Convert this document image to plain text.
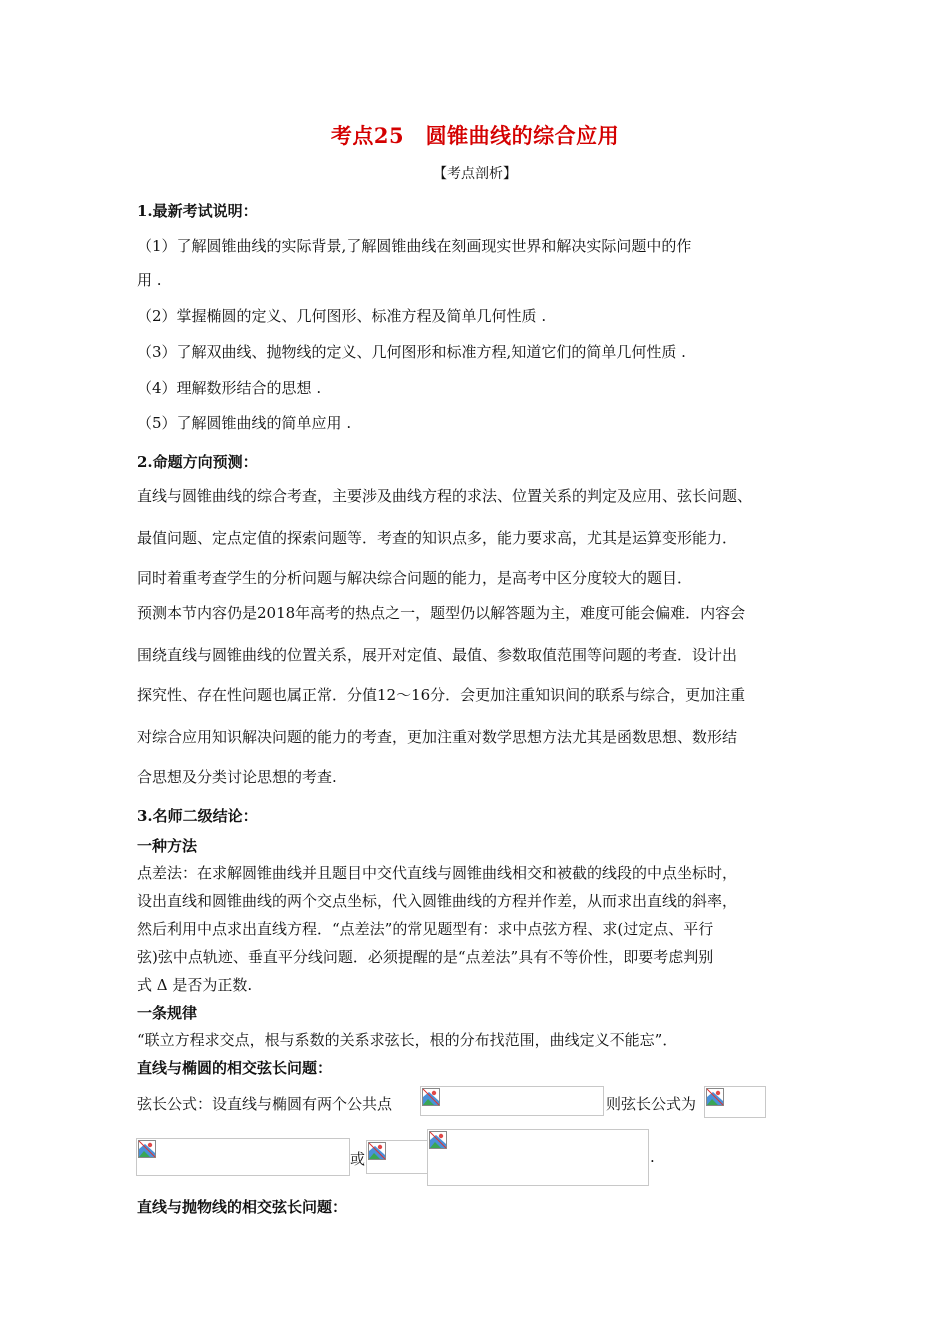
考点25　圆锥曲线的综合应用
【考点剖析】
1.最新考试说明：
（1）了解圆锥曲线的实际背景,了解圆锥曲线在刻画现实世界和解决实际问题中的作
用 .
（2）掌握椭圆的定义、几何图形、标准方程及简单几何性质 .
（3）了解双曲线、抛物线的定义、几何图形和标准方程,知道它们的简单几何性质 .
（4）理解数形结合的思想 .
（5）了解圆锥曲线的简单应用 .
2.命题方向预测：
直线与圆锥曲线的综合考查，主要涉及曲线方程的求法、位置关系的判定及应用、弦长问题、
最值问题、定点定值的探索问题等．考查的知识点多，能力要求高，尤其是运算变形能力．
同时着重考查学生的分析问题与解决综合问题的能力，是高考中区分度较大的题目．
预测本节内容仍是2018年高考的热点之一，题型仍以解答题为主，难度可能会偏难．内容会
围绕直线与圆锥曲线的位置关系，展开对定值、最值、参数取值范围等问题的考查．设计出
探究性、存在性问题也属正常．分值12～16分．会更加注重知识间的联系与综合，更加注重
对综合应用知识解决问题的能力的考查，更加注重对数学思想方法尤其是函数思想、数形结
合思想及分类讨论思想的考查.
3.名师二级结论：
一种方法
点差法：在求解圆锥曲线并且题目中交代直线与圆锥曲线相交和被截的线段的中点坐标时，
设出直线和圆锥曲线的两个交点坐标，代入圆锥曲线的方程并作差，从而求出直线的斜率，
然后利用中点求出直线方程．“点差法”的常见题型有：求中点弦方程、求(过定点、平行
弦)弦中点轨迹、垂直平分线问题．必须提醒的是“点差法”具有不等价性，即要考虑判别
式 Δ 是否为正数.
一条规律
“联立方程求交点，根与系数的关系求弦长，根的分布找范围，曲线定义不能忘”．
直线与椭圆的相交弦长问题：
弦长公式：设直线与椭圆有两个公共点	则弦长公式为
或	.
直线与抛物线的相交弦长问题：
